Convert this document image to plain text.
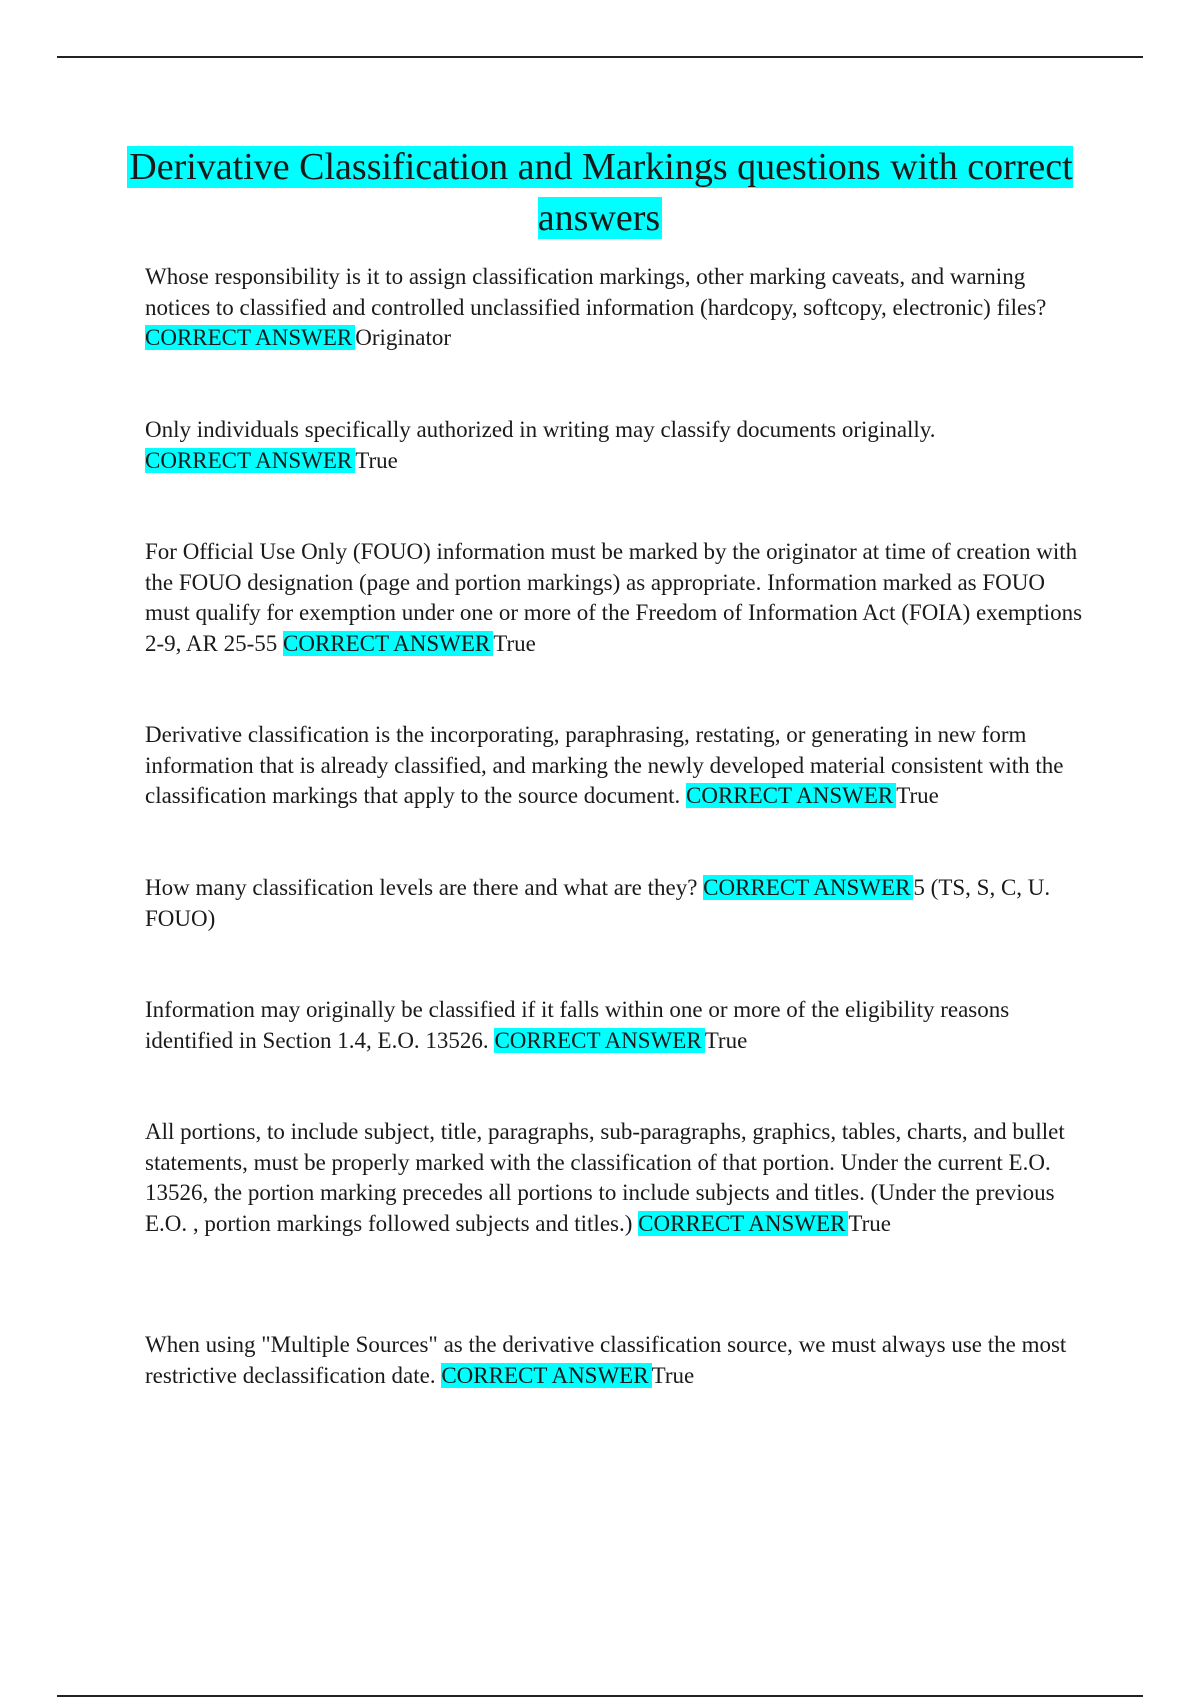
Derivative Classification and Markings questions with correct answers

Whose responsibility is it to assign classification markings, other marking caveats, and warning notices to classified and controlled unclassified information (hardcopy, softcopy, electronic) files? CORRECT ANSWER Originator

Only individuals specifically authorized in writing may classify documents originally.
CORRECT ANSWER True

For Official Use Only (FOUO) information must be marked by the originator at time of creation with the FOUO designation (page and portion markings) as appropriate. Information marked as FOUO must qualify for exemption under one or more of the Freedom of Information Act (FOIA) exemptions 2-9, AR 25-55 CORRECT ANSWER True

Derivative classification is the incorporating, paraphrasing, restating, or generating in new form information that is already classified, and marking the newly developed material consistent with the classification markings that apply to the source document. CORRECT ANSWER True

How many classification levels are there and what are they? CORRECT ANSWER 5 (TS, S, C, U. FOUO)

Information may originally be classified if it falls within one or more of the eligibility reasons identified in Section 1.4, E.O. 13526. CORRECT ANSWER True

All portions, to include subject, title, paragraphs, sub-paragraphs, graphics, tables, charts, and bullet statements, must be properly marked with the classification of that portion. Under the current E.O. 13526, the portion marking precedes all portions to include subjects and titles. (Under the previous E.O. , portion markings followed subjects and titles.) CORRECT ANSWER True

When using "Multiple Sources" as the derivative classification source, we must always use the most restrictive declassification date. CORRECT ANSWER True
